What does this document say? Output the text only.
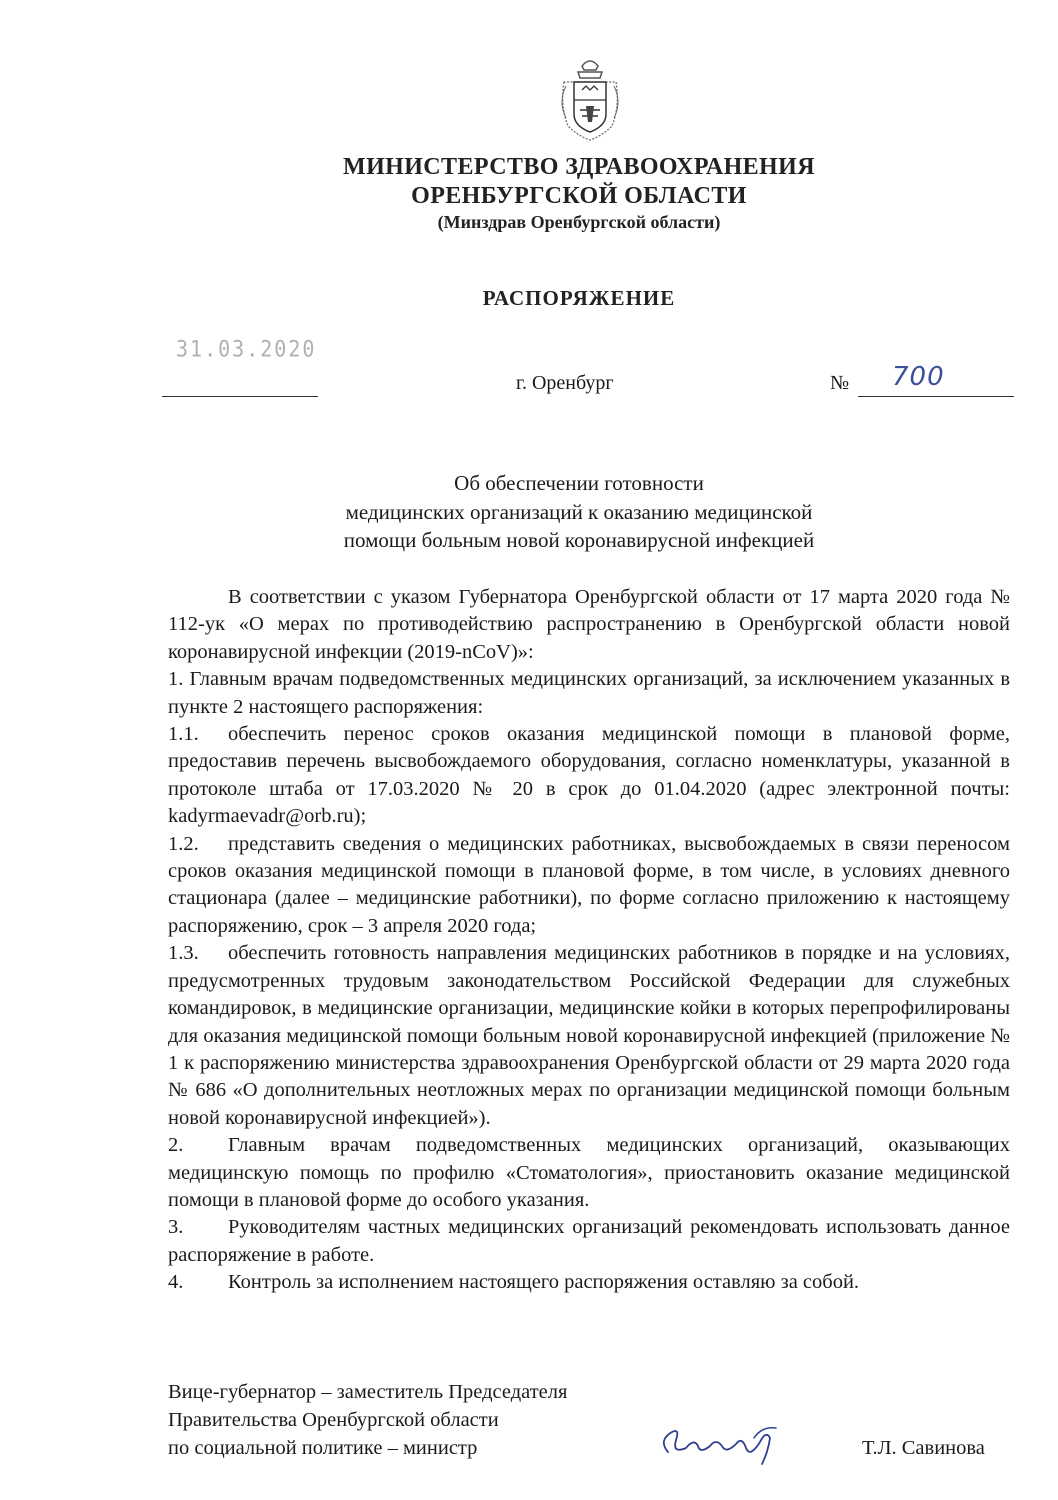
МИНИСТЕРСТВО ЗДРАВООХРАНЕНИЯ
ОРЕНБУРГСКОЙ ОБЛАСТИ
(Минздрав Оренбургской области)
РАСПОРЯЖЕНИЕ
31.03.2020
г. Оренбург	№ 700
Об обеспечении готовности
медицинских организаций к оказанию медицинской
помощи больным новой коронавирусной инфекцией

В соответствии с указом Губернатора Оренбургской области от 17 марта 2020 года № 112-ук «О мерах по противодействию распространению в Оренбургской области новой коронавирусной инфекции (2019-nCoV)»:

1. Главным врачам подведомственных медицинских организаций, за исключением указанных в пункте 2 настоящего распоряжения:

1.1. обеспечить перенос сроков оказания медицинской помощи в плановой форме, предоставив перечень высвобождаемого оборудования, согласно номенклатуры, указанной в протоколе штаба от 17.03.2020 № 20 в срок до 01.04.2020 (адрес электронной почты: kadyrmaevadr@orb.ru);

1.2. представить сведения о медицинских работниках, высвобождаемых в связи переносом сроков оказания медицинской помощи в плановой форме, в том числе, в условиях дневного стационара (далее – медицинские работники), по форме согласно приложению к настоящему распоряжению, срок – 3 апреля 2020 года;

1.3. обеспечить готовность направления медицинских работников в порядке и на условиях, предусмотренных трудовым законодательством Российской Федерации для служебных командировок, в медицинские организации, медицинские койки в которых перепрофилированы для оказания медицинской помощи больным новой коронавирусной инфекцией (приложение № 1 к распоряжению министерства здравоохранения Оренбургской области от 29 марта 2020 года № 686 «О дополнительных неотложных мерах по организации медицинской помощи больным новой коронавирусной инфекцией»).

2. Главным врачам подведомственных медицинских организаций, оказывающих медицинскую помощь по профилю «Стоматология», приостановить оказание медицинской помощи в плановой форме до особого указания.

3. Руководителям частных медицинских организаций рекомендовать использовать данное распоряжение в работе.

4. Контроль за исполнением настоящего распоряжения оставляю за собой.

Вице-губернатор – заместитель Председателя
Правительства Оренбургской области
по социальной политике – министр	Т.Л. Савинова
